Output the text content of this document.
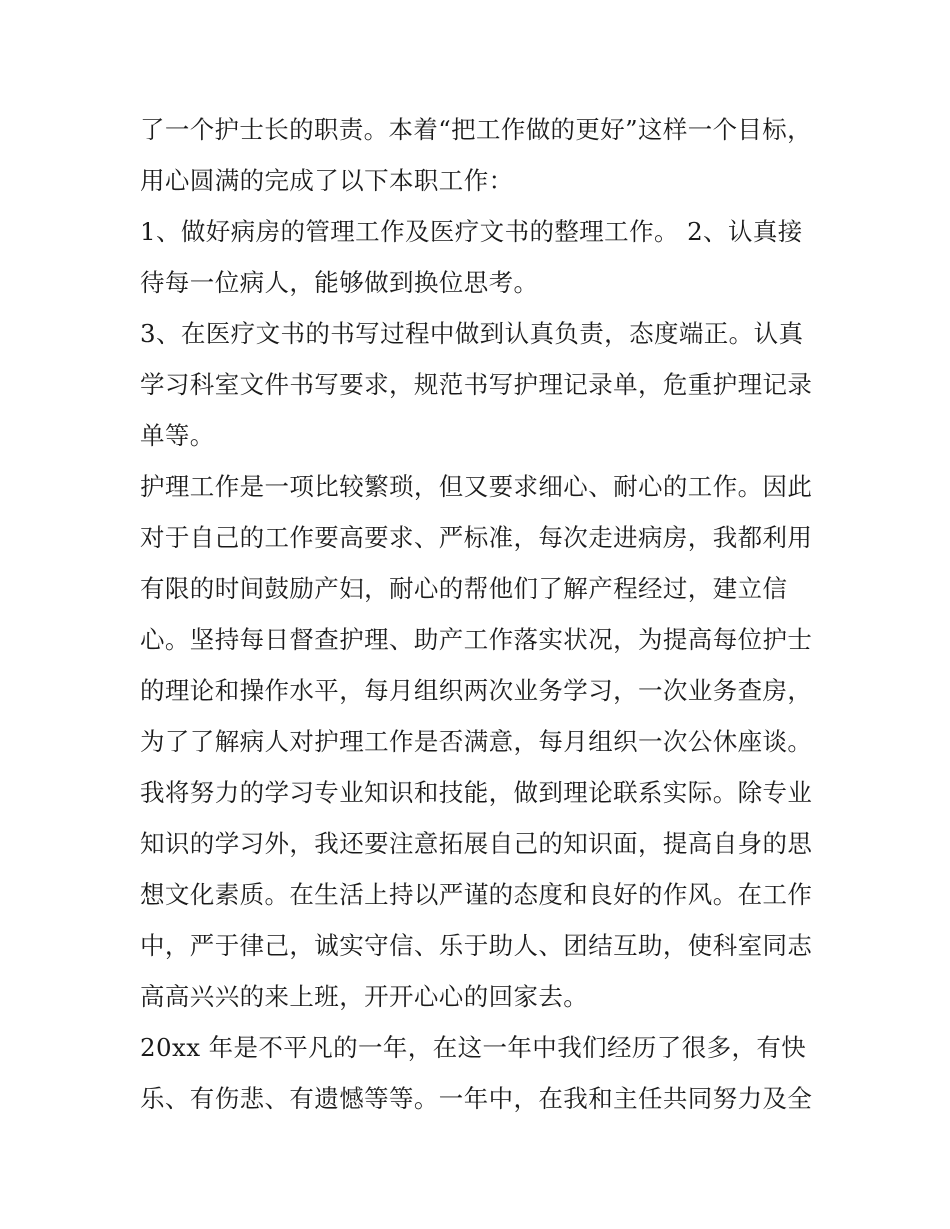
了一个护士长的职责。本着“把工作做的更好”这样一个目标，
用心圆满的完成了以下本职工作：
1、做好病房的管理工作及医疗文书的整理工作。 2、认真接
待每一位病人，能够做到换位思考。
3、在医疗文书的书写过程中做到认真负责，态度端正。认真
学习科室文件书写要求，规范书写护理记录单，危重护理记录
单等。
护理工作是一项比较繁琐，但又要求细心、耐心的工作。因此
对于自己的工作要高要求、严标准，每次走进病房，我都利用
有限的时间鼓励产妇，耐心的帮他们了解产程经过，建立信
心。坚持每日督查护理、助产工作落实状况，为提高每位护士
的理论和操作水平，每月组织两次业务学习，一次业务查房，
为了了解病人对护理工作是否满意，每月组织一次公休座谈。
我将努力的学习专业知识和技能，做到理论联系实际。除专业
知识的学习外，我还要注意拓展自己的知识面，提高自身的思
想文化素质。在生活上持以严谨的态度和良好的作风。在工作
中，严于律己，诚实守信、乐于助人、团结互助，使科室同志
高高兴兴的来上班，开开心心的回家去。
20xx 年是不平凡的一年，在这一年中我们经历了很多，有快
乐、有伤悲、有遗憾等等。一年中，在我和主任共同努力及全
